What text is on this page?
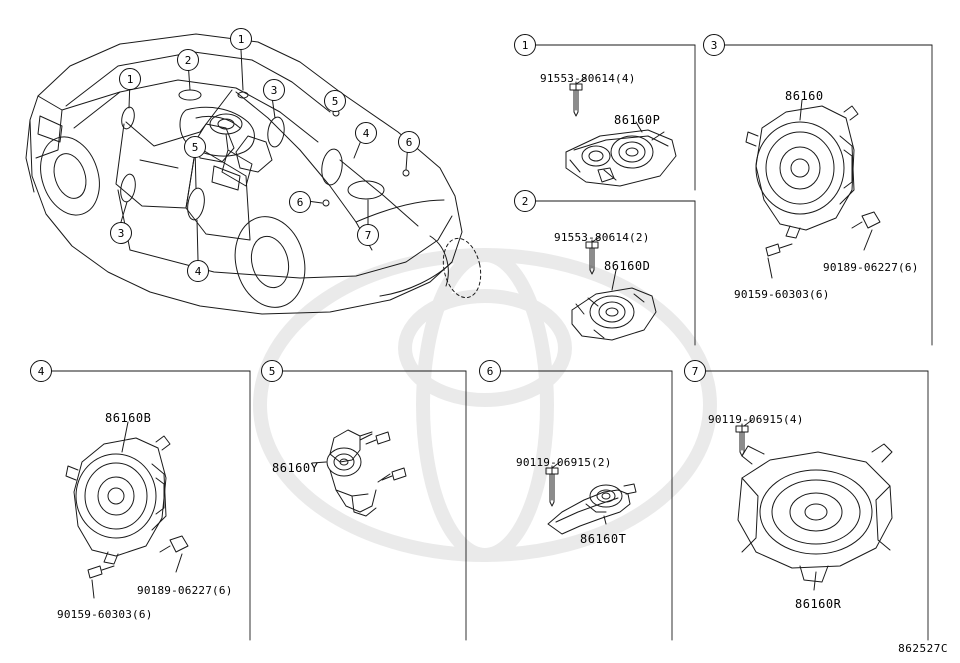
1
1
2
3
5
4
6
5
6
7
3
4
1
2
3
4	5	6	7
91553-80614(4)
86160P
91553-80614(2)
86160D
86160
90189-06227(6)
90159-60303(6)
86160B
90189-06227(6)
90159-60303(6)
86160Y	90119-06915(2)
86160T
90119-06915(4)
86160R
862527C
